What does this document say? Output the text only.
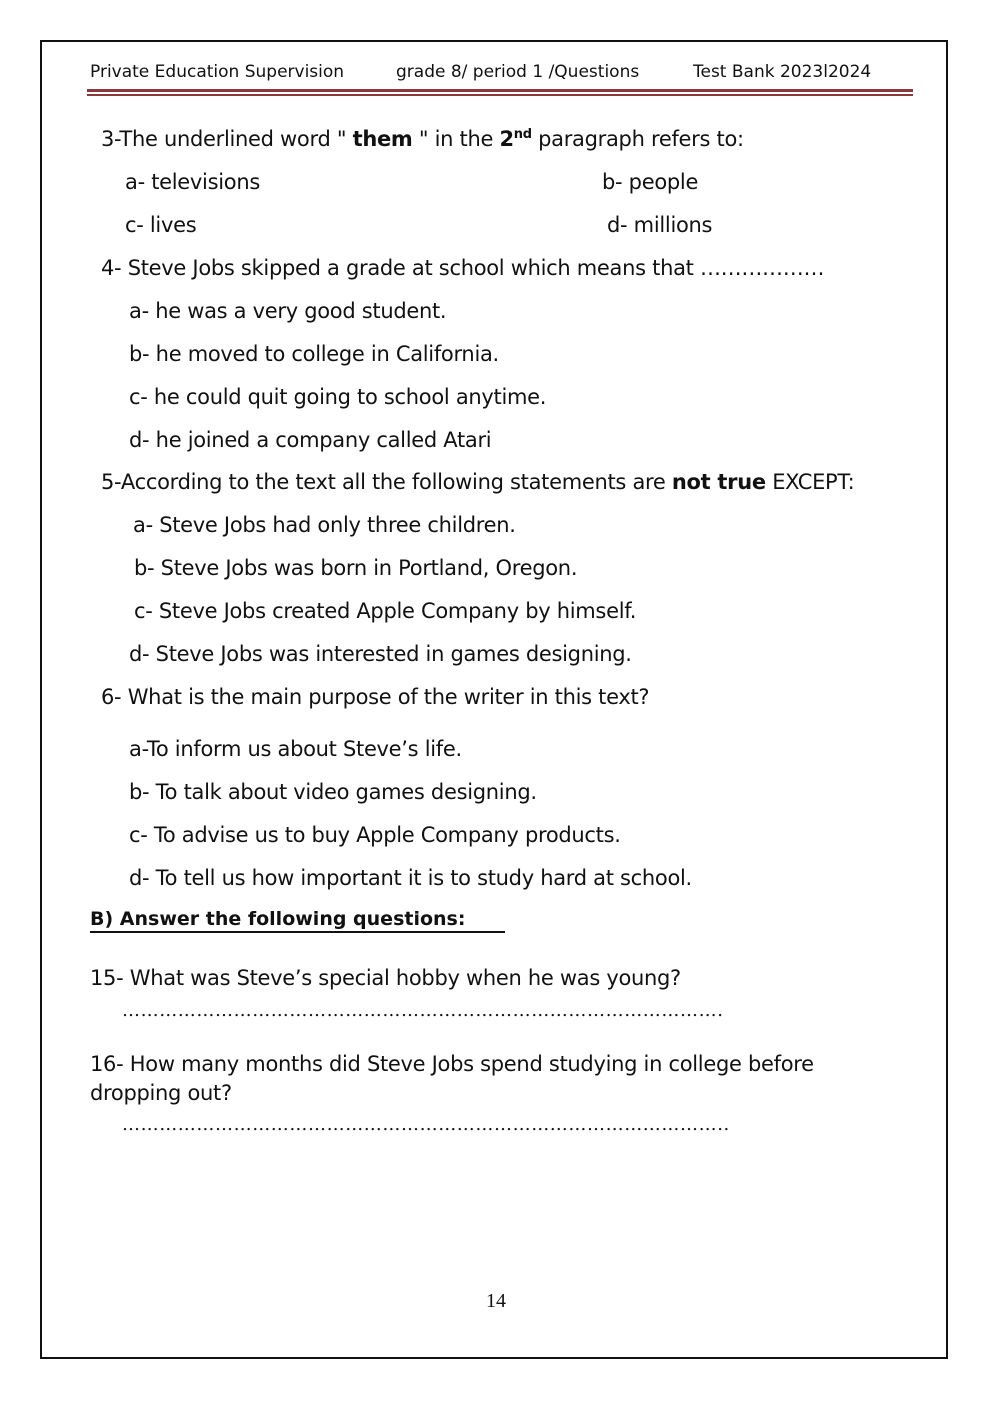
Private Education Supervision	grade 8/ period 1 /Questions	Test Bank 2023l2024
3-The underlined word " them " in the 2nd paragraph refers to:
a- televisions	b- people
c- lives	d- millions
4- Steve Jobs skipped a grade at school which means that ………………
a- he was a very good student.
b- he moved to college in California.
c- he could quit going to school anytime.
d- he joined a company called Atari
5-According to the text all the following statements are not true EXCEPT:
a- Steve Jobs had only three children.
b- Steve Jobs was born in Portland, Oregon.
c- Steve Jobs created Apple Company by himself.
d- Steve Jobs was interested in games designing.
6- What is the main purpose of the writer in this text?
a-To inform us about Steve’s life.
b- To talk about video games designing.
c- To advise us to buy Apple Company products.
d- To tell us how important it is to study hard at school.
B) Answer the following questions:
15- What was Steve’s special hobby when he was young?
…………………………………………………………………………………….
16- How many months did Steve Jobs spend studying in college before
dropping out?
……………………………………………………………………………………..
14
